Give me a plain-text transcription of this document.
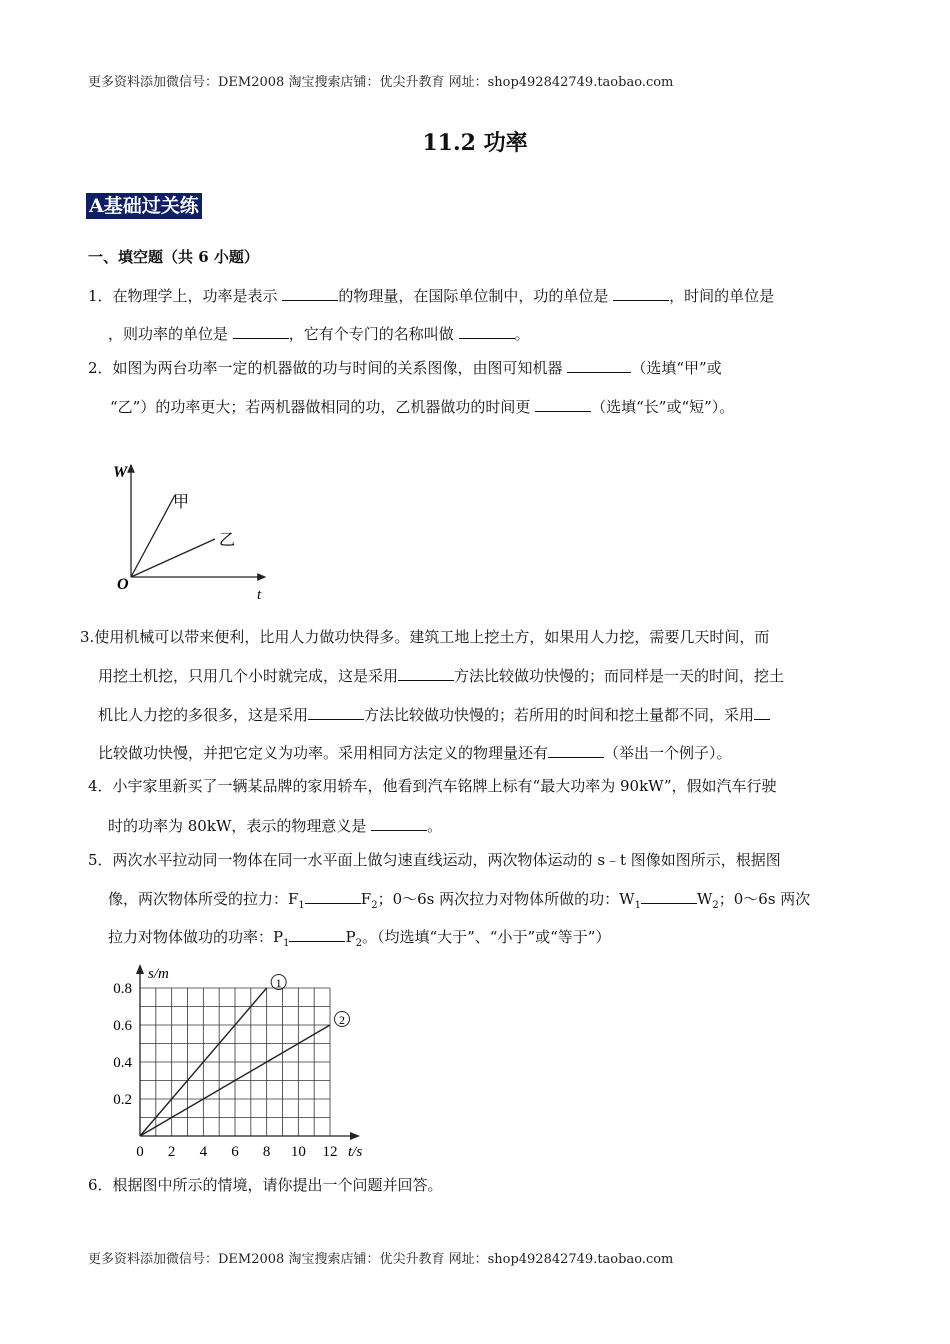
更多资料添加微信号：DEM2008 淘宝搜索店铺：优尖升教育 网址：shop492842749.taobao.com
11.2 功率
A基础过关练
一、填空题（共 6 小题）
1．在物理学上，功率是表示	的物理量，在国际单位制中，功的单位是	，时间的单位是
，则功率的单位是	，它有个专门的名称叫做	。
2．如图为两台功率一定的机器做的功与时间的关系图像，由图可知机器	（选填“甲”或
“乙”）的功率更大；若两机器做相同的功，乙机器做功的时间更	（选填“长”或“短”）。
W
t
O
甲
乙
3.使用机械可以带来便利，比用人力做功快得多。建筑工地上挖土方，如果用人力挖，需要几天时间，而
用挖土机挖，只用几个小时就完成，这是采用	方法比较做功快慢的；而同样是一天的时间，挖土
机比人力挖的多很多，这是采用	方法比较做功快慢的；若所用的时间和挖土量都不同，采用
比较做功快慢，并把它定义为功率。采用相同方法定义的物理量还有	（举出一个例子）。
4．小宇家里新买了一辆某品牌的家用轿车，他看到汽车铭牌上标有“最大功率为 90kW”，假如汽车行驶
时的功率为 80kW，表示的物理意义是	。
5．两次水平拉动同一物体在同一水平面上做匀速直线运动，两次物体运动的 s﹣t 图像如图所示，根据图
像，两次物体所受的拉力：$F_1$	$F_2$；0～6s 两次拉力对物体所做的功：$W_1$	$W_2$；0～6s 两次
拉力对物体做功的功率：$P_1$	$P_2$。（均选填“大于”、“小于”或“等于”）
0 2 4 6 8 10 12
0.2
0.4
0.6
0.8
s/m
t/s
1
2
6．根据图中所示的情境，请你提出一个问题并回答。
更多资料添加微信号：DEM2008 淘宝搜索店铺：优尖升教育 网址：shop492842749.taobao.com
